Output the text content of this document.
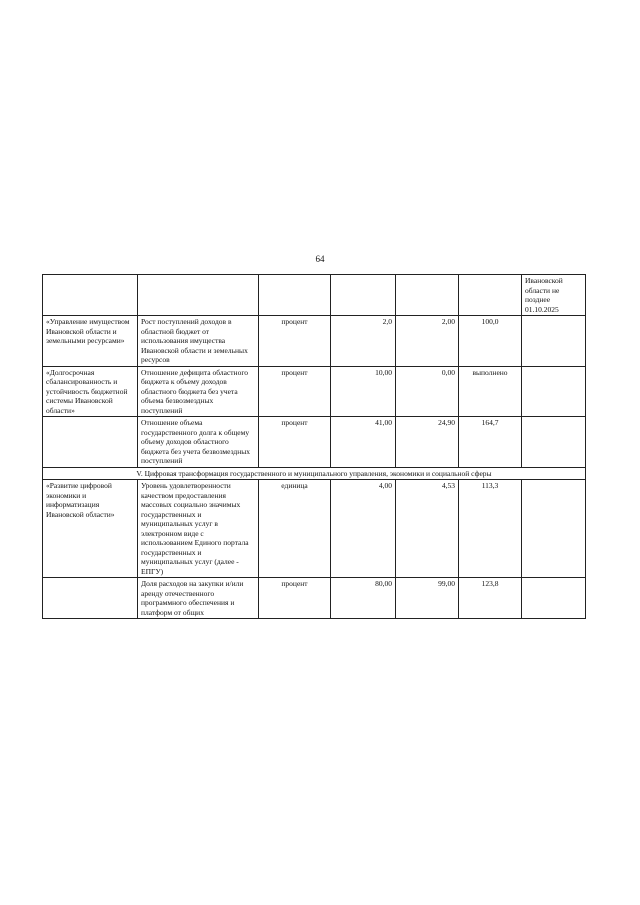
64
						Ивановской области не позднее 01.10.2025
«Управление имуществом Ивановской области и земельными ресурсами»	Рост поступлений доходов в областной бюджет от использования имущества Ивановской области и земельных ресурсов	процент	2,0	2,00	100,0	
«Долгосрочная сбалансированность и устойчивость бюджетной системы Ивановской области»	Отношение дефицита областного бюджета к объему доходов областного бюджета без учета объема безвозмездных поступлений	процент	10,00	0,00	выполнено	
	Отношение объема государственного долга к общему объему доходов областного бюджета без учета безвозмездных поступлений	процент	41,00	24,90	164,7	
V. Цифровая трансформация государственного и муниципального управления, экономики и социальной сферы						
«Развитие цифровой экономики и информатизация Ивановской области»	Уровень удовлетворенности качеством предоставления массовых социально значимых государственных и муниципальных услуг в электронном виде с использованием Единого портала государственных и муниципальных услуг (далее - ЕПГУ)	единица	4,00	4,53	113,3	
	Доля расходов на закупки и/или аренду отечественного программного обеспечения и платформ от общих	процент	80,00	99,00	123,8	
